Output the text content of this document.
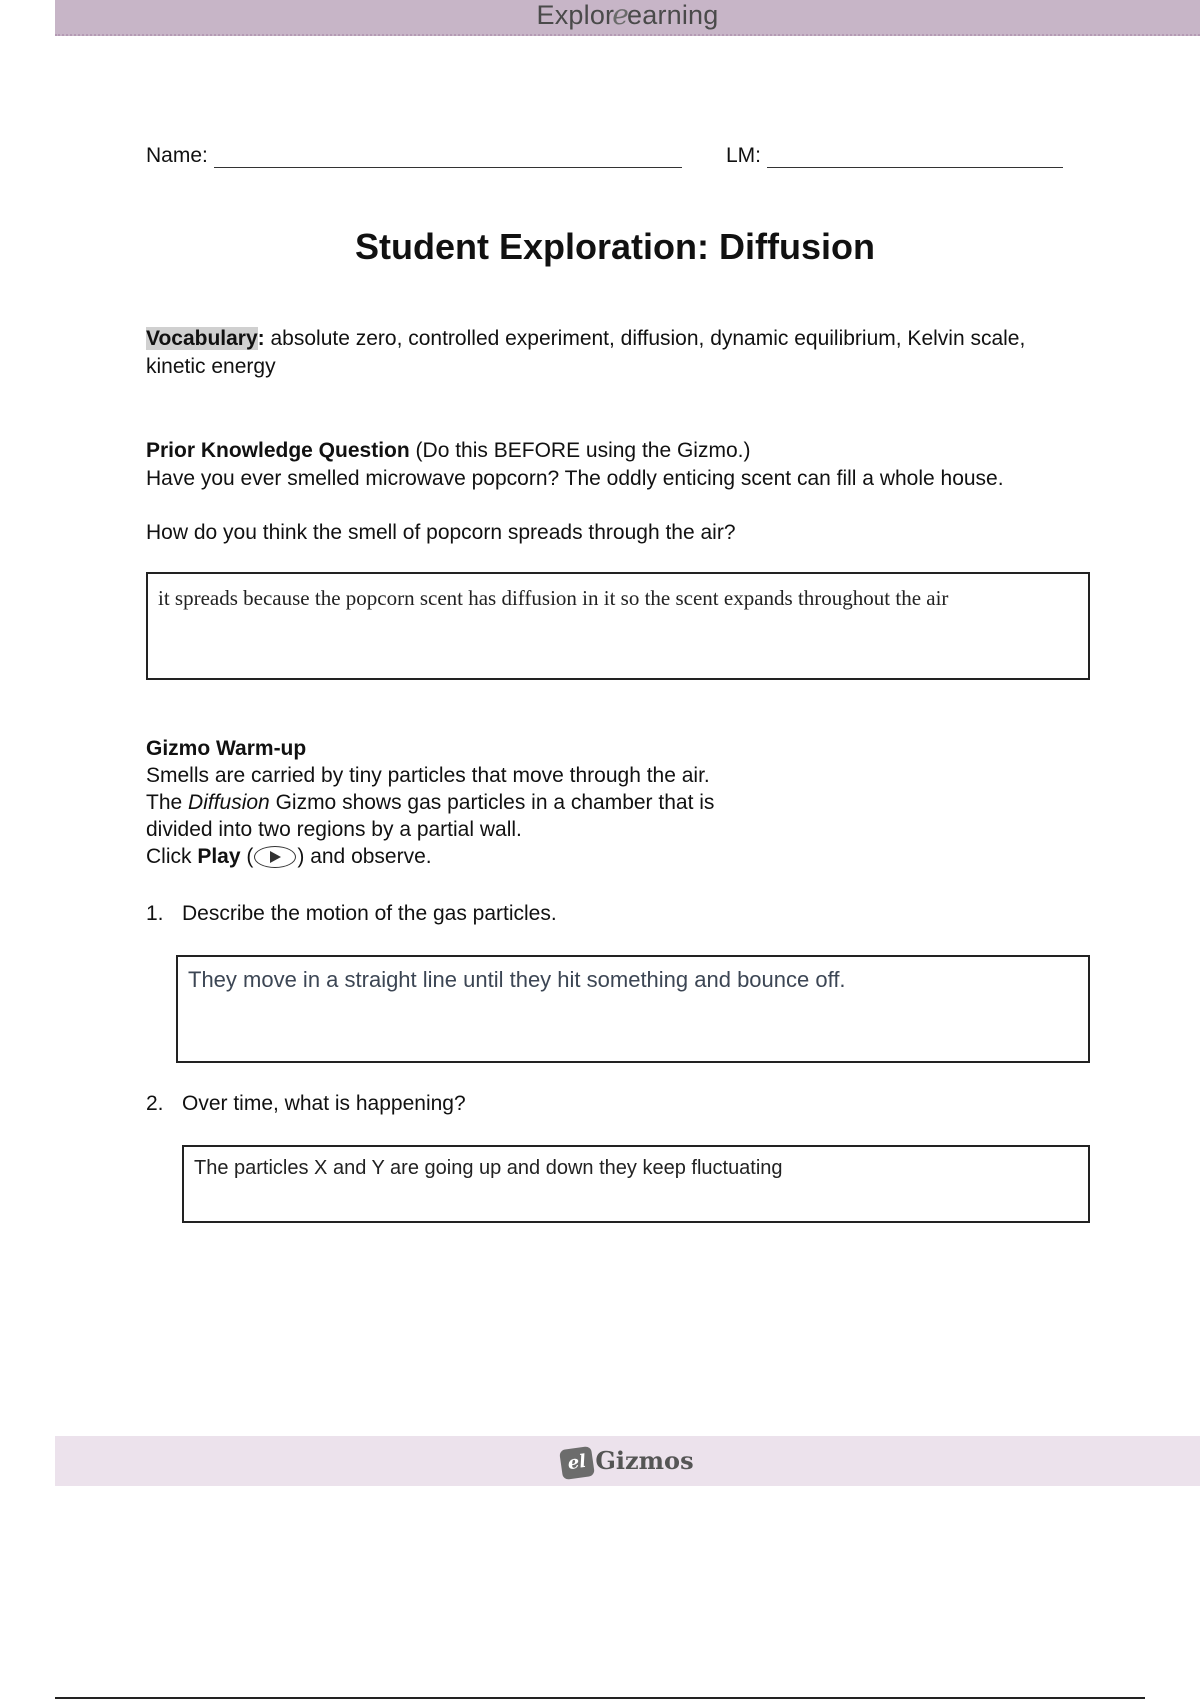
Exploreearning
Name:	LM:
Student Exploration: Diffusion
Vocabulary: absolute zero, controlled experiment, diffusion, dynamic equilibrium, Kelvin scale, kinetic energy
Prior Knowledge Question (Do this BEFORE using the Gizmo.)
Have you ever smelled microwave popcorn? The oddly enticing scent can fill a whole house.
How do you think the smell of popcorn spreads through the air?
it spreads because the popcorn scent has diffusion in it so the scent expands throughout the air
Gizmo Warm-up
Smells are carried by tiny particles that move through the air. The Diffusion Gizmo shows gas particles in a chamber that is divided into two regions by a partial wall.
Click Play ( ) and observe.
1. Describe the motion of the gas particles.
They move in a straight line until they hit something and bounce off.
2. Over time, what is happening?
The particles X and Y are going up and down they keep fluctuating
el Gizmos
